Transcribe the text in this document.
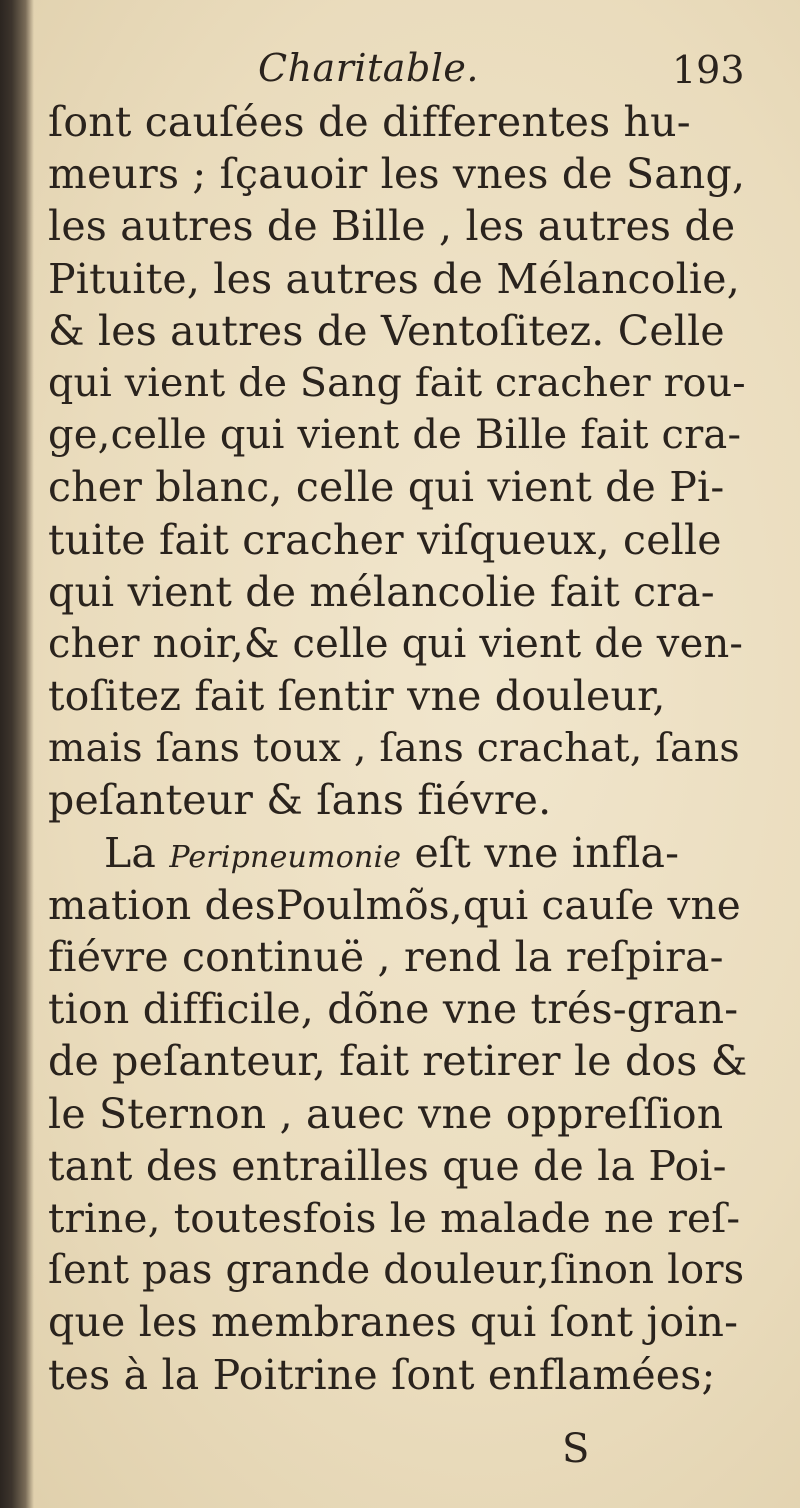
Charitable.	193
ſont cauſées de differentes hu-
meurs ; ſçauoir les vnes de Sang,
les autres de Bille , les autres de
Pituite, les autres de Mélancolie,
& les autres de Ventoſitez. Celle
qui vient de Sang fait cracher rou-
ge,celle qui vient de Bille fait cra-
cher blanc, celle qui vient de Pi-
tuite fait cracher viſqueux, celle
qui vient de mélancolie fait cra-
cher noir,& celle qui vient de ven-
toſitez fait ſentir vne douleur,
mais ſans toux , ſans crachat, ſans
peſanteur & ſans fiévre.
La Peripneumonie eſt vne infla-
mation desPoulmõs,qui cauſe vne
fiévre continuë , rend la reſpira-
tion difficile, dõne vne trés-gran-
de peſanteur, fait retirer le dos &
le Sternon , auec vne oppreſſion
tant des entrailles que de la Poi-
trine, toutesfois le malade ne reſ-
ſent pas grande douleur,ſinon lors
que les membranes qui ſont join-
tes à la Poitrine ſont enflamées;
S
